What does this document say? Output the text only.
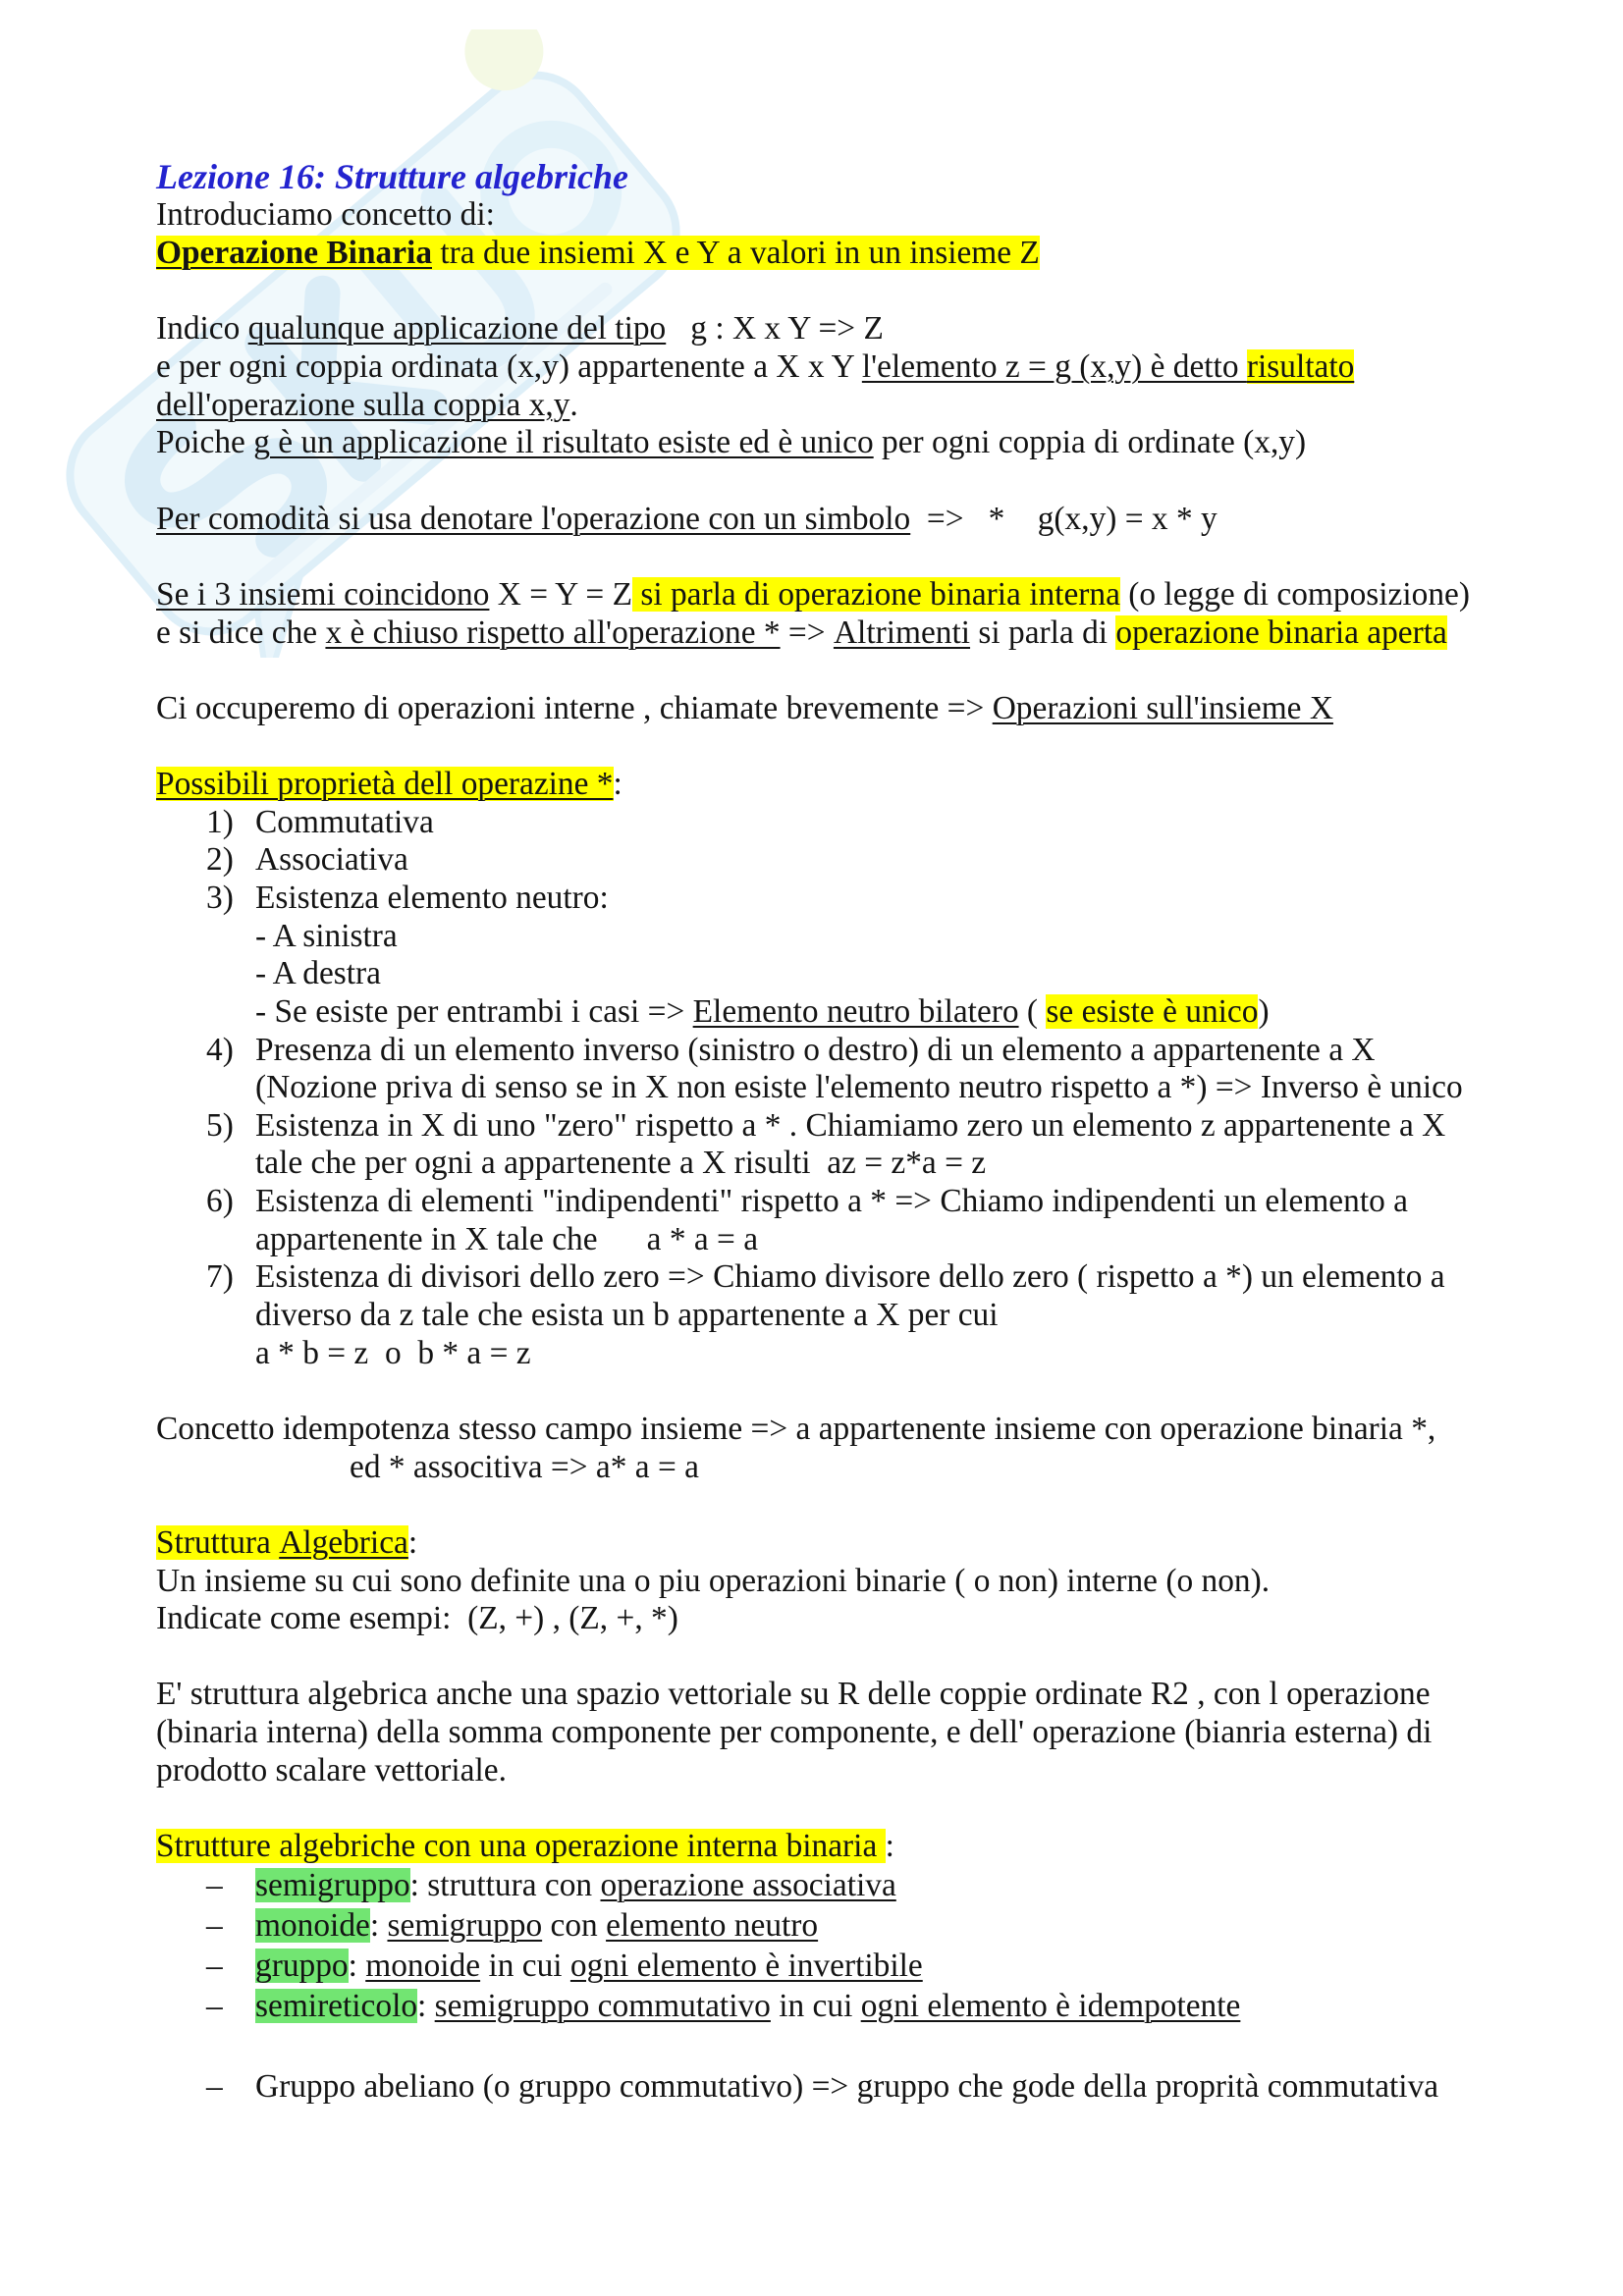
Lezione 16: Strutture algebriche
Introduciamo concetto di:
Operazione Binaria tra due insiemi X e Y a valori in un insieme Z
Indico qualunque applicazione del tipo g : X x Y => Z
e per ogni coppia ordinata (x,y) appartenente a X x Y l'elemento z = g (x,y) è detto risultato
dell'operazione sulla coppia x,y .
Poiche g è un applicazione il risultato esiste ed è unico per ogni coppia di ordinate (x,y)
Per comodità si usa denotare l'operazione con un simbolo =>   *    g(x,y) = x * y
Se i 3 insiemi coincidono X = Y = Z si parla di operazione binaria interna (o legge di composizione)
e si dice che x è chiuso rispetto all'operazione * => Altrimenti si parla di operazione binaria aperta
Ci occuperemo di operazioni interne , chiamate brevemente => Operazioni sull'insieme X
Possibili proprietà dell operazine * :
1) Commutativa
2) Associativa
3) Esistenza elemento neutro:
- A sinistra
- A destra
- Se esiste per entrambi i casi => Elemento neutro bilatero ( se esiste è unico )
4) Presenza di un elemento inverso (sinistro o destro) di un elemento a appartenente a X
(Nozione priva di senso se in X non esiste l'elemento neutro rispetto a *) => Inverso è unico
5) Esistenza in X di uno "zero" rispetto a * . Chiamiamo zero un elemento z appartenente a X
tale che per ogni a appartenente a X risulti  az = z*a = z
6) Esistenza di elementi "indipendenti" rispetto a * => Chiamo indipendenti un elemento a
appartenente in X tale che      a * a = a
7) Esistenza di divisori dello zero => Chiamo divisore dello zero ( rispetto a *) un elemento a
diverso da z tale che esista un b appartenente a X per cui
a * b = z  o  b * a = z
Concetto idempotenza stesso campo insieme => a appartenente insieme con operazione binaria *,
ed * associtiva => a* a = a
Struttura Algebrica :
Un insieme su cui sono definite una o piu operazioni binarie ( o non) interne (o non).
Indicate come esempi:  (Z, +) , (Z, +, *)
E' struttura algebrica anche una spazio vettoriale su R delle coppie ordinate R2 , con l operazione
(binaria interna) della somma componente per componente, e dell' operazione (bianria esterna) di
prodotto scalare vettoriale.
Strutture algebriche con una operazione interna binaria :
– semigruppo : struttura con operazione associativa
– monoide : semigruppo con elemento neutro
– gruppo : monoide in cui ogni elemento è invertibile
– semireticolo : semigruppo commutativo in cui ogni elemento è idempotente
– Gruppo abeliano (o gruppo commutativo) => gruppo che gode della proprità commutativa
